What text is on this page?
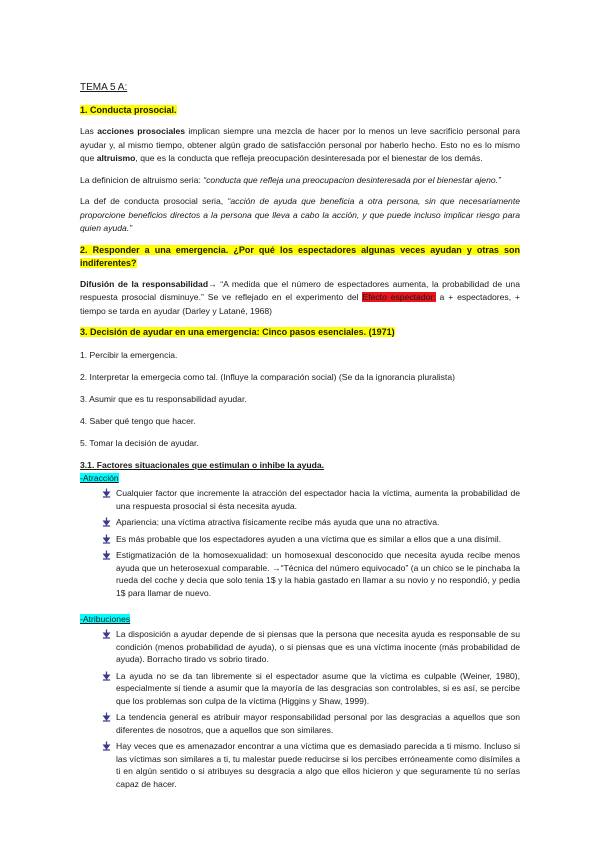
TEMA 5 A:

1. Conducta prosocial.

Las acciones prosociales implican siempre una mezcla de hacer por lo menos un leve sacrificio personal para ayudar y, al mismo tiempo, obtener algún grado de satisfacción personal por haberlo hecho. Esto no es lo mismo que altruismo, que es la conducta que refleja preocupación desinteresada por el bienestar de los demás.

La definicion de altruismo seria: “conducta que refleja una preocupacion desinteresada por el bienestar ajeno.”

La def de conducta prosocial seria, “acción de ayuda que beneficia a otra persona, sin que necesariamente proporcione beneficios directos a la persona que lleva a cabo la acción, y que puede incluso implicar riesgo para quien ayuda.”

2. Responder a una emergencia. ¿Por qué los espectadores algunas veces ayudan y otras son indiferentes?

Difusión de la responsabilidad→ “A medida que el número de espectadores aumenta, la probabilidad de una respuesta prosocial disminuye.” Se ve reflejado en el experimento del Efecto espectador: a + espectadores, + tiempo se tarda en ayudar (Darley y Latané, 1968)

3. Decisión de ayudar en una emergencia: Cinco pasos esenciales. (1971)

1. Percibir la emergencia.

2. Interpretar la emergecia como tal. (Influye la comparación social) (Se da la ignorancia pluralista)

3. Asumir que es tu responsabilidad ayudar.

4. Saber qué tengo que hacer.

5. Tomar la decisión de ayudar.

3.1. Factores situacionales que estimulan o inhibe la ayuda.

-Atracción

Cualquier factor que incremente la atracción del espectador hacia la víctima, aumenta la probabilidad de una respuesta prosocial si ésta necesita ayuda.
Apariencia: una víctima atractiva físicamente recibe más ayuda que una no atractiva.
Es más probable que los espectadores ayuden a una víctima que es similar a ellos que a una disímil.
Estigmatización de la homosexualidad: un homosexual desconocido que necesita ayuda recibe menos ayuda que un heterosexual comparable. →“Técnica del número equivocado” (a un chico se le pinchaba la rueda del coche y decia que solo tenia 1$ y la habia gastado en llamar a su novio y no respondió, y pedia 1$ para llamar de nuevo.

-Atribuciones

La disposición a ayudar depende de si piensas que la persona que necesita ayuda es responsable de su condición (menos probabilidad de ayuda), o si piensas que es una víctima inocente (más probabilidad de ayuda). Borracho tirado vs sobrio tirado.
La ayuda no se da tan libremente si el espectador asume que la víctima es culpable (Weiner, 1980), especialmente si tiende a asumir que la mayoría de las desgracias son controlables, si es así, se percibe que los problemas son culpa de la víctima (Higgins y Shaw, 1999).
La tendencia general es atribuir mayor responsabilidad personal por las desgracias a aquellos que son diferentes de nosotros, que a aquellos que son similares.
Hay veces que es amenazador encontrar a una víctima que es demasiado parecida a ti mismo. Incluso si las víctimas son similares a ti, tu malestar puede reducirse si los percibes erróneamente como disímiles a ti en algún sentido o si atribuyes su desgracia a algo que ellos hicieron y que seguramente tú no serías capaz de hacer.
